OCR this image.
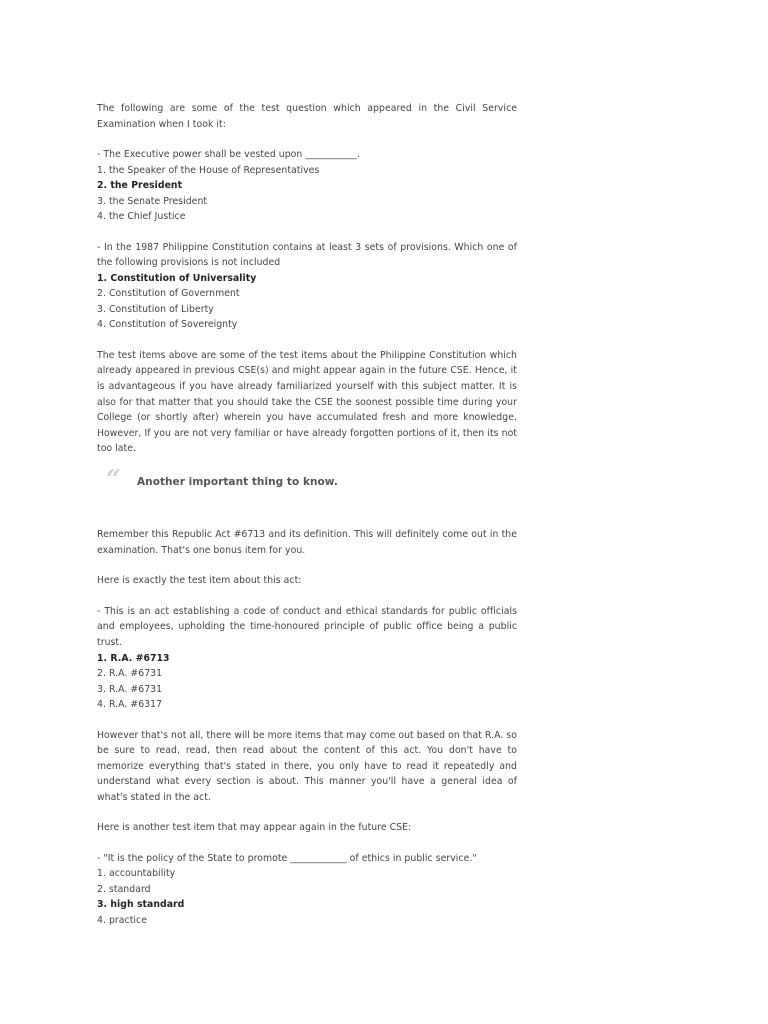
The following are some of the test question which appeared in the Civil Service Examination when I took it:

- The Executive power shall be vested upon ___________.

1. the Speaker of the House of Representatives

2. the President

3. the Senate President

4. the Chief Justice

- In the 1987 Philippine Constitution contains at least 3 sets of provisions. Which one of the following provisions is not included

1. Constitution of Universality

2. Constitution of Government

3. Constitution of Liberty

4. Constitution of Sovereignty

The test items above are some of the test items about the Philippine Constitution which already appeared in previous CSE(s) and might appear again in the future CSE. Hence, it is advantageous if you have already familiarized yourself with this subject matter. It is also for that matter that you should take the CSE the soonest possible time during your College (or shortly after) wherein you have accumulated fresh and more knowledge. However, If you are not very familiar or have already forgotten portions of it, then its not too late.

“ Another important thing to know.

Remember this Republic Act #6713 and its definition. This will definitely come out in the examination. That's one bonus item for you.

Here is exactly the test item about this act:

- This is an act establishing a code of conduct and ethical standards for public officials and employees, upholding the time-honoured principle of public office being a public trust.

1. R.A. #6713

2. R.A. #6731

3. R.A. #6731

4. R.A. #6317

However that's not all, there will be more items that may come out based on that R.A. so be sure to read, read, then read about the content of this act. You don't have to memorize everything that's stated in there, you only have to read it repeatedly and understand what every section is about. This manner you'll have a general idea of what's stated in the act.

Here is another test item that may appear again in the future CSE:

- "It is the policy of the State to promote ____________ of ethics in public service."

1. accountability

2. standard

3. high standard

4. practice
